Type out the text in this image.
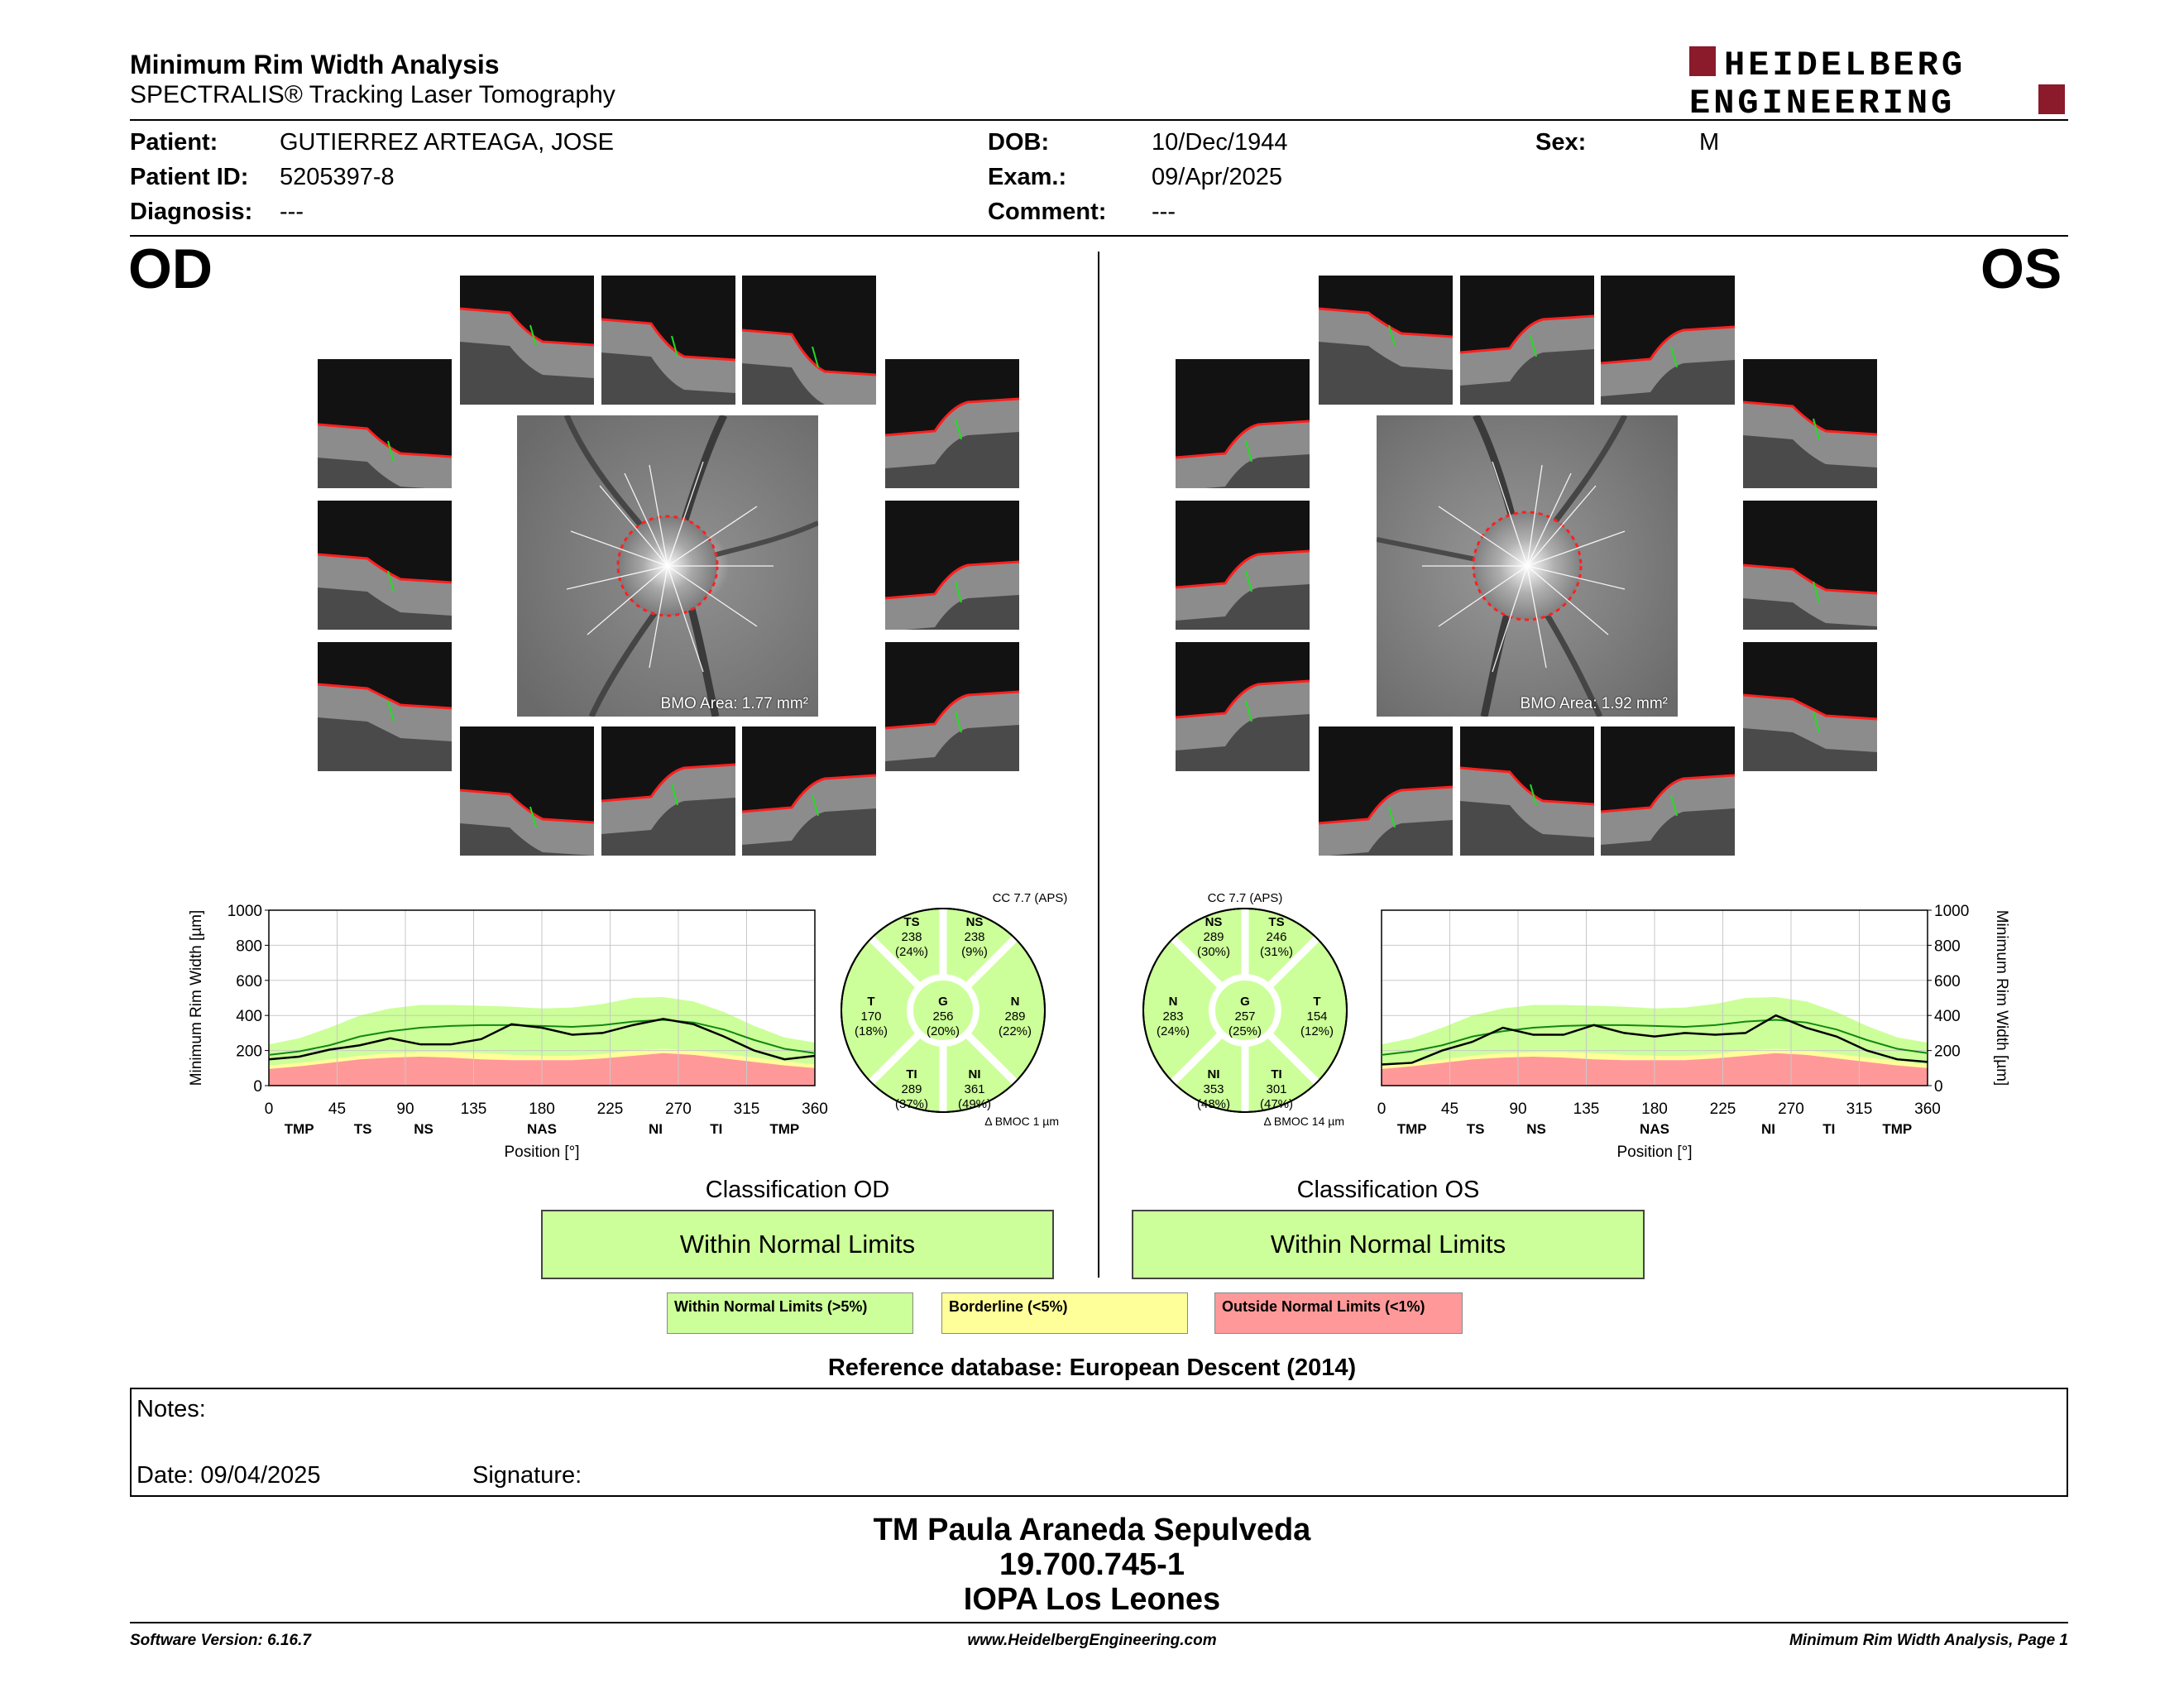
Minimum Rim Width Analysis
SPECTRALIS® Tracking Laser Tomography
HEIDELBERG
ENGINEERING
Patient:	GUTIERREZ ARTEAGA, JOSE
Patient ID: 5205397-8
Diagnosis: ---
DOB:	10/Dec/1944
Exam.:	09/Apr/2025
Comment: ---
Sex:	M
OD	OS
BMO Area: 1.77 mm²	BMO Area: 1.92 mm²
0
200
400
600
800
1000
0	45	90	135	180	225	270	315	360
TMP	TS	NS	NAS	NI	TI	TMP
Position [°]
Minimum Rim Width [µm]
0
200
400
600
800
1000
0	45	90	135	180	225	270	315	360
TMP	TS	NS	NAS	NI	TI	TMP
Position [°]
Minimum Rim Width [µm]
TS
238
(24%)
NS
238
(9%)
T
170
(18%)
G
256
(20%)
N
289
(22%)
TI
289
(37%)
NI
361
(49%)
CC 7.7 (APS)
Δ BMOC 1 µm
NS
289
(30%)
TS
246
(31%)
N
283
(24%)
G
257
(25%)
T
154
(12%)
NI
353
(48%)
TI
301
(47%)
CC 7.7 (APS)
Δ BMOC 14 µm
Classification OD
Within Normal Limits
Classification OS
Within Normal Limits
Within Normal Limits (>5%)	Borderline (<5%)	Outside Normal Limits (<1%)
Reference database: European Descent (2014)
Notes:
Date: 09/04/2025	Signature:
TM Paula Araneda Sepulveda
19.700.745-1
IOPA Los Leones
Software Version: 6.16.7	www.HeidelbergEngineering.com	Minimum Rim Width Analysis, Page 1
